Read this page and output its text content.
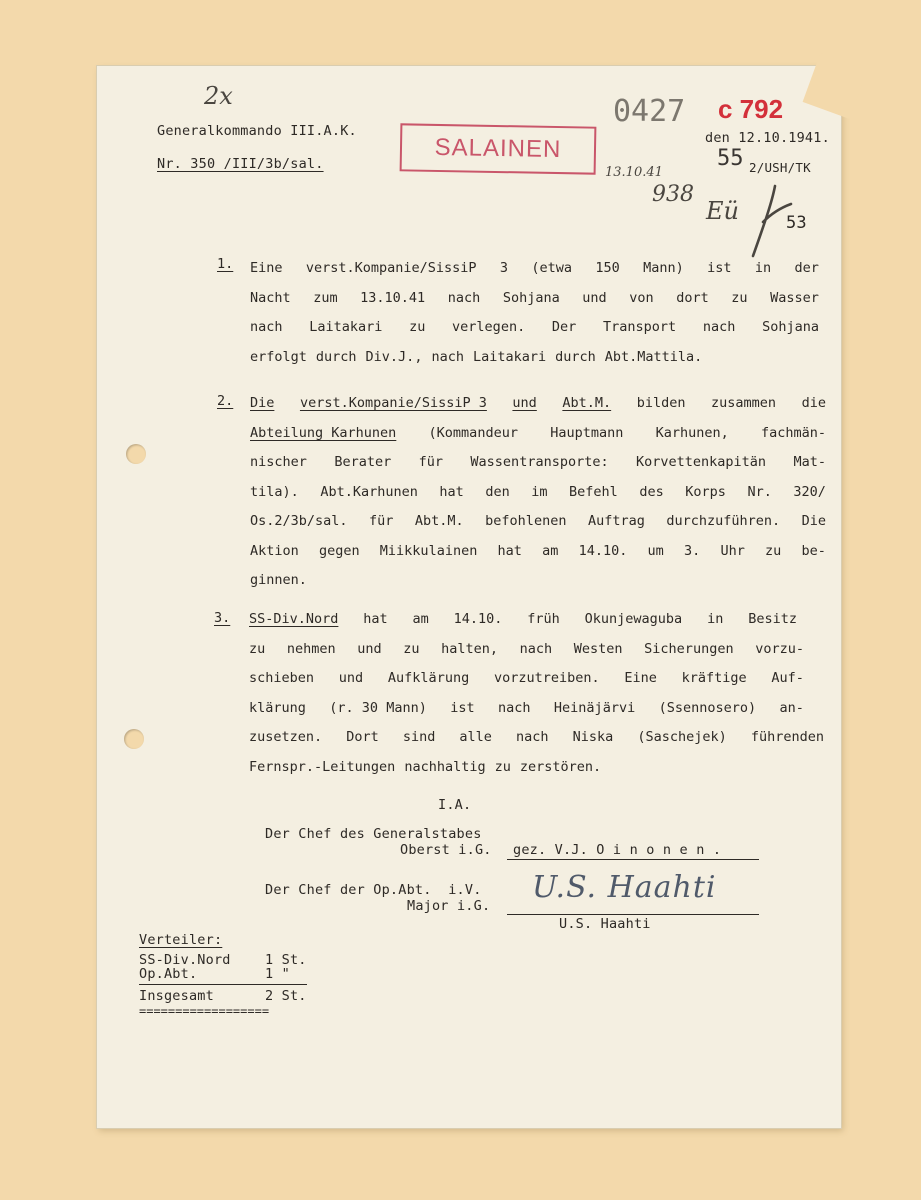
Generalkommando III.A.K.
Nr. 350 /III/3b/sal.
SALAINEN
0427 c 792
den 12.10.1941.
55 2/USH/TK
53
2x
13.10.41
938
Eü
1. Eine verst.Kompanie/SissiP 3 (etwa 150 Mann) ist in der
Nacht zum 13.10.41 nach Sohjana und von dort zu Wasser
nach Laitakari zu verlegen. Der Transport nach Sohjana
erfolgt durch Div.J., nach Laitakari durch Abt.Mattila.
2. Die verst.Kompanie/SissiP 3 und Abt.M. bilden zusammen die
Abteilung Karhunen (Kommandeur Hauptmann Karhunen, fachmän-
nischer Berater für Wassentransporte: Korvettenkapitän Mat-
tila). Abt.Karhunen hat den im Befehl des Korps Nr. 320/
Os.2/3b/sal. für Abt.M. befohlenen Auftrag durchzuführen. Die
Aktion gegen Miikkulainen hat am 14.10. um 3. Uhr zu be-
ginnen.
3. SS-Div.Nord hat am 14.10. früh Okunjewaguba in Besitz
zu nehmen und zu halten, nach Westen Sicherungen vorzu-
schieben und Aufklärung vorzutreiben. Eine kräftige Auf-
klärung (r. 30 Mann) ist nach Heinäjärvi (Ssennosero) an-
zusetzen. Dort sind alle nach Niska (Saschejek) führenden
Fernspr.-Leitungen nachhaltig zu zerstören.
I.A.
Der Chef des Generalstabes
Oberst i.G. gez. V.J. O i n o n e n .
Der Chef der Op.Abt.  i.V.
Major i.G.
U.S. Haahti
U.S. Haahti
Verteiler:
SS-Div.Nord	1 St.
Op.Abt.	1 "
Insgesamt	2 St.
==================
